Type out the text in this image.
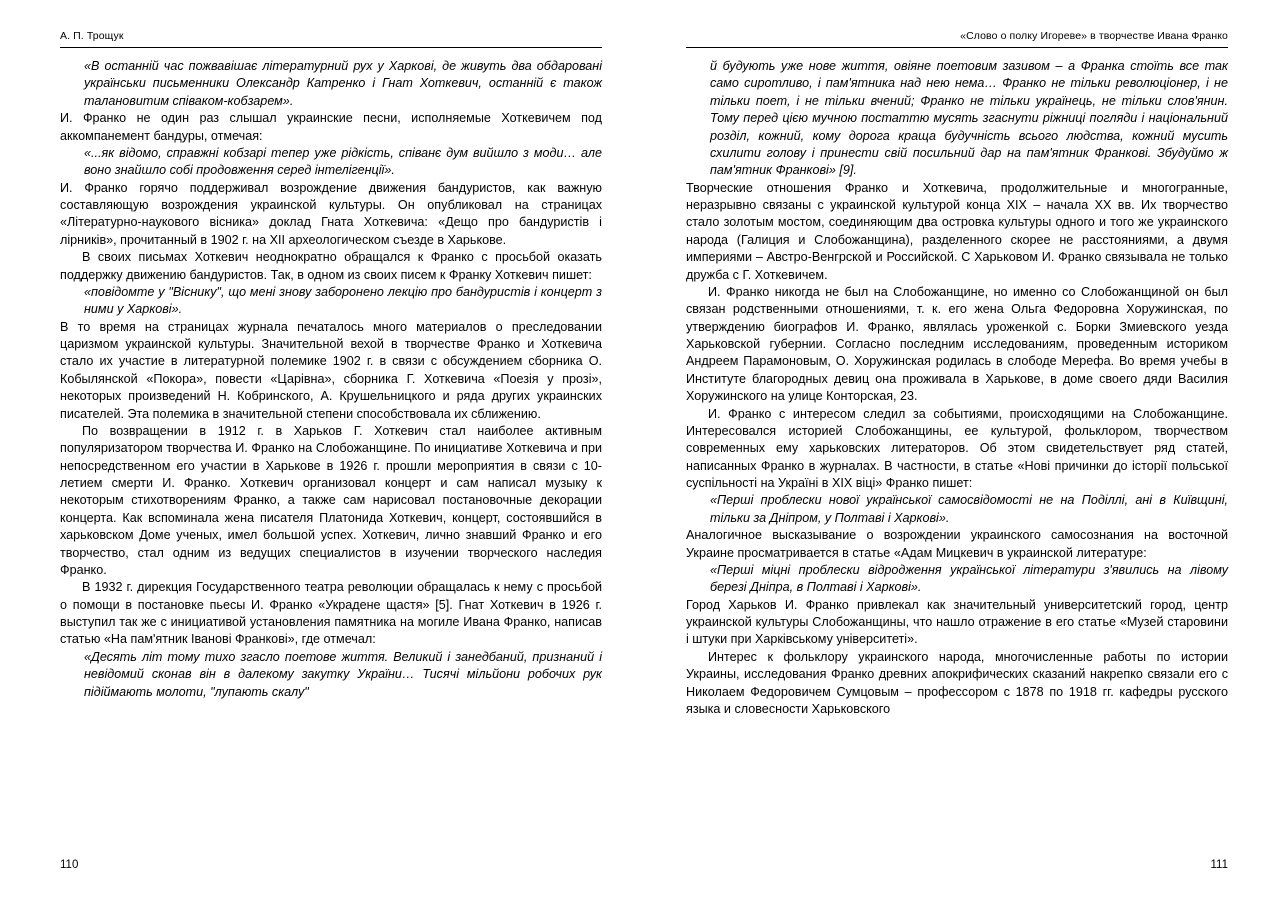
А. П. Трощук

«В останній час пожвавішає літературний рух у Харкові, де живуть два обдаровані українськи письменники Олександр Катренко і Гнат Хоткевич, останній є також талановитим співаком-кобзарем».

И. Франко не один раз слышал украинские песни, исполняемые Хоткевичем под аккомпанемент бандуры, отмечая:

«...як відомо, справжні кобзарі тепер уже рідкість, співанє дум вийшло з моди… але воно знайшло собі продовження серед інтелігенції».

И. Франко горячо поддерживал возрождение движения бандуристов, как важную составляющую возрождения украинской культуры. Он опубликовал на страницах «Літературно-наукового вісника» доклад Гната Хоткевича: «Дещо про бандуристів і лірників», прочитанный в 1902 г. на XII археологическом съезде в Харькове.

В своих письмах Хоткевич неоднократно обращался к Франко с просьбой оказать поддержку движению бандуристов. Так, в одном из своих писем к Франку Хоткевич пишет:

«повідомте у "Віснику", що мені знову заборонено лекцію про бандуристів і концерт з ними у Харкові».

В то время на страницах журнала печаталось много материалов о преследовании царизмом украинской культуры. Значительной вехой в творчестве Франко и Хоткевича стало их участие в литературной полемике 1902 г. в связи с обсуждением сборника О. Кобылянской «Покора», повести «Царівна», сборника Г. Хоткевича «Поезія у прозі», некоторых произведений Н. Кобринского, А. Крушельницкого и ряда других украинских писателей. Эта полемика в значительной степени способствовала их сближению.

По возвращении в 1912 г. в Харьков Г. Хоткевич стал наиболее активным популяризатором творчества И. Франко на Слобожанщине. По инициативе Хоткевича и при непосредственном его участии в Харькове в 1926 г. прошли мероприятия в связи с 10-летием смерти И. Франко. Хоткевич организовал концерт и сам написал музыку к некоторым стихотворениям Франко, а также сам нарисовал постановочные декорации концерта. Как вспоминала жена писателя Платонида Хоткевич, концерт, состоявшийся в харьковском Доме ученых, имел большой успех. Хоткевич, лично знавший Франко и его творчество, стал одним из ведущих специалистов в изучении творческого наследия Франко.

В 1932 г. дирекция Государственного театра революции обращалась к нему с просьбой о помощи в постановке пьесы И. Франко «Украдене щастя» [5]. Гнат Хоткевич в 1926 г. выступил так же с инициативой установления памятника на могиле Ивана Франко, написав статью «На пам'ятник Іванові Франкові», где отмечал:

«Десять літ тому тихо згасло поетове життя. Великий і занедбаний, признаний і невідомий сконав він в далекому закутку України… Тисячі мільйони робочих рук підіймають молоти, "лупають скалу"

110
«Слово о полку Игореве» в творчестве Ивана Франко

й будують уже нове життя, овіяне поетовим зазивом – а Франка стоїть все так само сиротливо, і пам'ятника над нею нема… Франко не тільки революціонер, і не тільки поет, і не тільки вчений; Франко не тільки українець, не тільки слов'янин. Тому перед цією мучною постаттю мусять згаснути ріжниці погляди і національний розділ, кожний, кому дорога краща будучність всього людства, кожний мусить схилити голову і принести свій посильний дар на пам'ятник Франкові. Збудуймо ж пам'ятник Франкові» [9].

Творческие отношения Франко и Хоткевича, продолжительные и многогранные, неразрывно связаны с украинской культурой конца XIX – начала XX вв. Их творчество стало золотым мостом, соединяющим два островка культуры одного и того же украинского народа (Галиция и Слобожанщина), разделенного скорее не расстояниями, а двумя империями – Австро-Венгрской и Российской. С Харьковом И. Франко связывала не только дружба с Г. Хоткевичем.

И. Франко никогда не был на Слобожанщине, но именно со Слобожанщиной он был связан родственными отношениями, т. к. его жена Ольга Федоровна Хоружинская, по утверждению биографов И. Франко, являлась уроженкой с. Борки Змиевского уезда Харьковской губернии. Согласно последним исследованиям, проведенным историком Андреем Парамоновым, О. Хоружинская родилась в слободе Мерефа. Во время учебы в Институте благородных девиц она проживала в Харькове, в доме своего дяди Василия Хоружинского на улице Конторская, 23.

И. Франко с интересом следил за событиями, происходящими на Слобожанщине. Интересовался историей Слобожанщины, ее культурой, фольклором, творчеством современных ему харьковских литераторов. Об этом свидетельствует ряд статей, написанных Франко в журналах. В частности, в статье «Нові причинки до історії польської суспільності на Україні в XIX віці» Франко пишет:

«Перші проблески нової української самосвідомості не на Поділлі, ані в Київщині, тільки за Дніпром, у Полтаві і Харкові».

Аналогичное высказывание о возрождении украинского самосознания на восточной Украине просматривается в статье «Адам Мицкевич в украинской литературе:

«Перші міцні проблески відродження української літератури з'явились на лівому березі Дніпра, в Полтаві і Харкові».

Город Харьков И. Франко привлекал как значительный университетский город, центр украинской культуры Слобожанщины, что нашло отражение в его статье «Музей старовини і штуки при Харківському університеті».

Интерес к фольклору украинского народа, многочисленные работы по истории Украины, исследования Франко древних апокрифических сказаний накрепко связали его с Николаем Федоровичем Сумцовым – профессором с 1878 по 1918 гг. кафедры русского языка и словесности Харьковского

111
